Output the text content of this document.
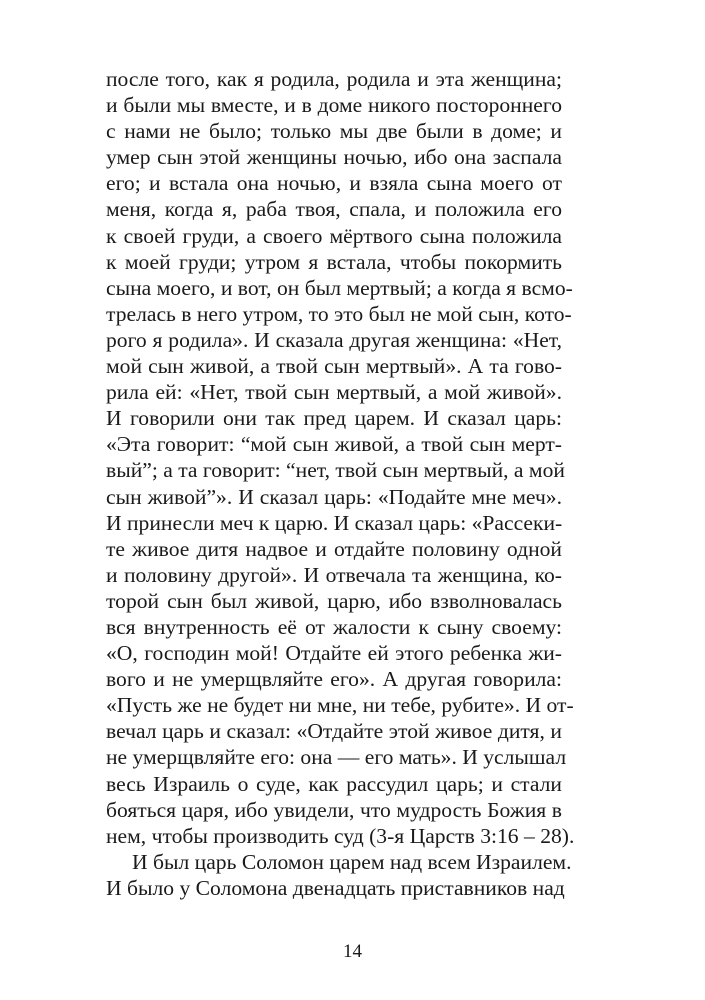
после того, как я родила, родила и эта женщина;
и были мы вместе, и в доме никого постороннего
с нами не было; только мы две были в доме; и
умер сын этой женщины ночью, ибо она заспала
его; и встала она ночью, и взяла сына моего от
меня, когда я, раба твоя, спала, и положила его
к своей груди, а своего мёртвого сына положила
к моей груди; утром я встала, чтобы покормить
сына моего, и вот, он был мертвый; а когда я всмо-
трелась в него утром, то это был не мой сын, кото-
рого я родила». И сказала другая женщина: «Нет,
мой сын живой, а твой сын мертвый». А та гово-
рила ей: «Нет, твой сын мертвый, а мой живой».
И говорили они так пред царем. И сказал царь:
«Эта говорит: “мой сын живой, а твой сын мерт-
вый”; а та говорит: “нет, твой сын мертвый, а мой
сын живой”». И сказал царь: «Подайте мне меч».
И принесли меч к царю. И сказал царь: «Рассеки-
те живое дитя надвое и отдайте половину одной
и половину другой». И отвечала та женщина, ко-
торой сын был живой, царю, ибо взволновалась
вся внутренность её от жалости к сыну своему:
«О, господин мой! Отдайте ей этого ребенка жи-
вого и не умерщвляйте его». А другая говорила:
«Пусть же не будет ни мне, ни тебе, рубите». И от-
вечал царь и сказал: «Отдайте этой живое дитя, и
не умерщвляйте его: она — его мать». И услышал
весь Израиль о суде, как рассудил царь; и стали
бояться царя, ибо увидели, что мудрость Божия в
нем, чтобы производить суд (3-я Царств 3:16 – 28).
И был царь Соломон царем над всем Израилем.
И было у Соломона двенадцать приставников над
14
